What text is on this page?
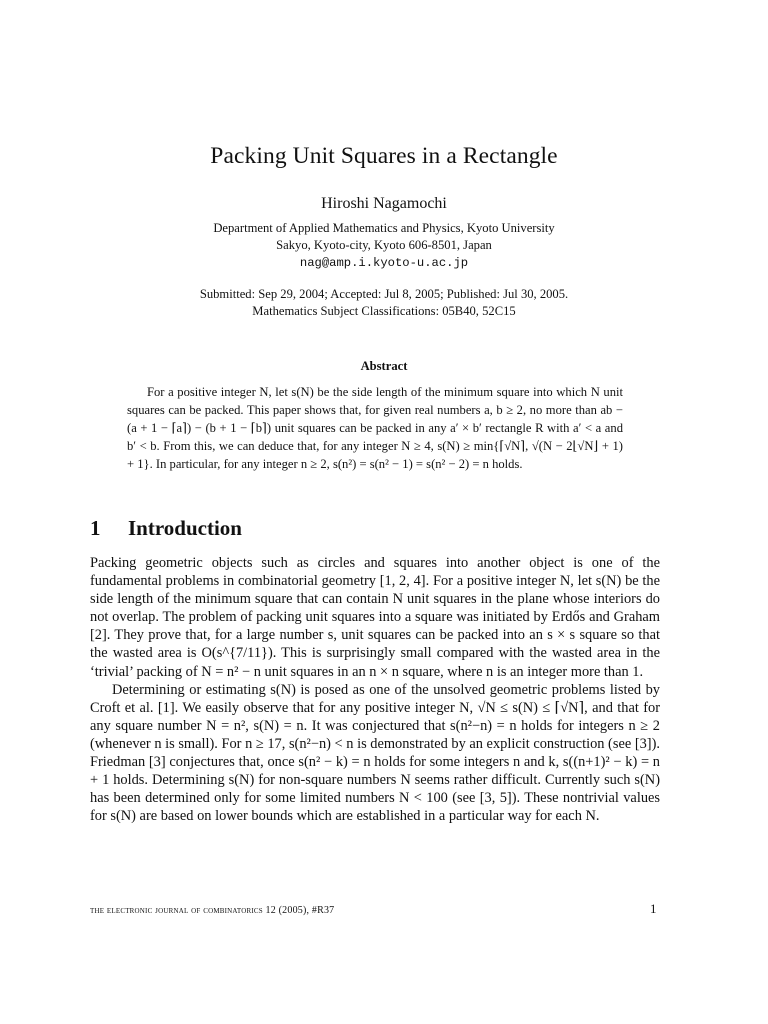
Packing Unit Squares in a Rectangle
Hiroshi Nagamochi
Department of Applied Mathematics and Physics, Kyoto University
Sakyo, Kyoto-city, Kyoto 606-8501, Japan
nag@amp.i.kyoto-u.ac.jp
Submitted: Sep 29, 2004; Accepted: Jul 8, 2005; Published: Jul 30, 2005.
Mathematics Subject Classifications: 05B40, 52C15
Abstract

For a positive integer N, let s(N) be the side length of the minimum square into which N unit squares can be packed. This paper shows that, for given real numbers a, b ≥ 2, no more than ab − (a + 1 − ⌈a⌉) − (b + 1 − ⌈b⌉) unit squares can be packed in any a′ × b′ rectangle R with a′ < a and b′ < b. From this, we can deduce that, for any integer N ≥ 4, s(N) ≥ min{⌈√N⌉, √(N − 2⌊√N⌋ + 1) + 1}. In particular, for any integer n ≥ 2, s(n²) = s(n² − 1) = s(n² − 2) = n holds.

1 Introduction

Packing geometric objects such as circles and squares into another object is one of the fundamental problems in combinatorial geometry [1, 2, 4]. For a positive integer N, let s(N) be the side length of the minimum square that can contain N unit squares in the plane whose interiors do not overlap. The problem of packing unit squares into a square was initiated by Erdős and Graham [2]. They prove that, for a large number s, unit squares can be packed into an s × s square so that the wasted area is O(s^{7/11}). This is surprisingly small compared with the wasted area in the ‘trivial’ packing of N = n² − n unit squares in an n × n square, where n is an integer more than 1.

Determining or estimating s(N) is posed as one of the unsolved geometric problems listed by Croft et al. [1]. We easily observe that for any positive integer N, √N ≤ s(N) ≤ ⌈√N⌉, and that for any square number N = n², s(N) = n. It was conjectured that s(n²−n) = n holds for integers n ≥ 2 (whenever n is small). For n ≥ 17, s(n²−n) < n is demonstrated by an explicit construction (see [3]). Friedman [3] conjectures that, once s(n² − k) = n holds for some integers n and k, s((n+1)² − k) = n + 1 holds. Determining s(N) for non-square numbers N seems rather difficult. Currently such s(N) has been determined only for some limited numbers N < 100 (see [3, 5]). These nontrivial values for s(N) are based on lower bounds which are established in a particular way for each N.

the electronic journal of combinatorics 12 (2005), #R37	1
